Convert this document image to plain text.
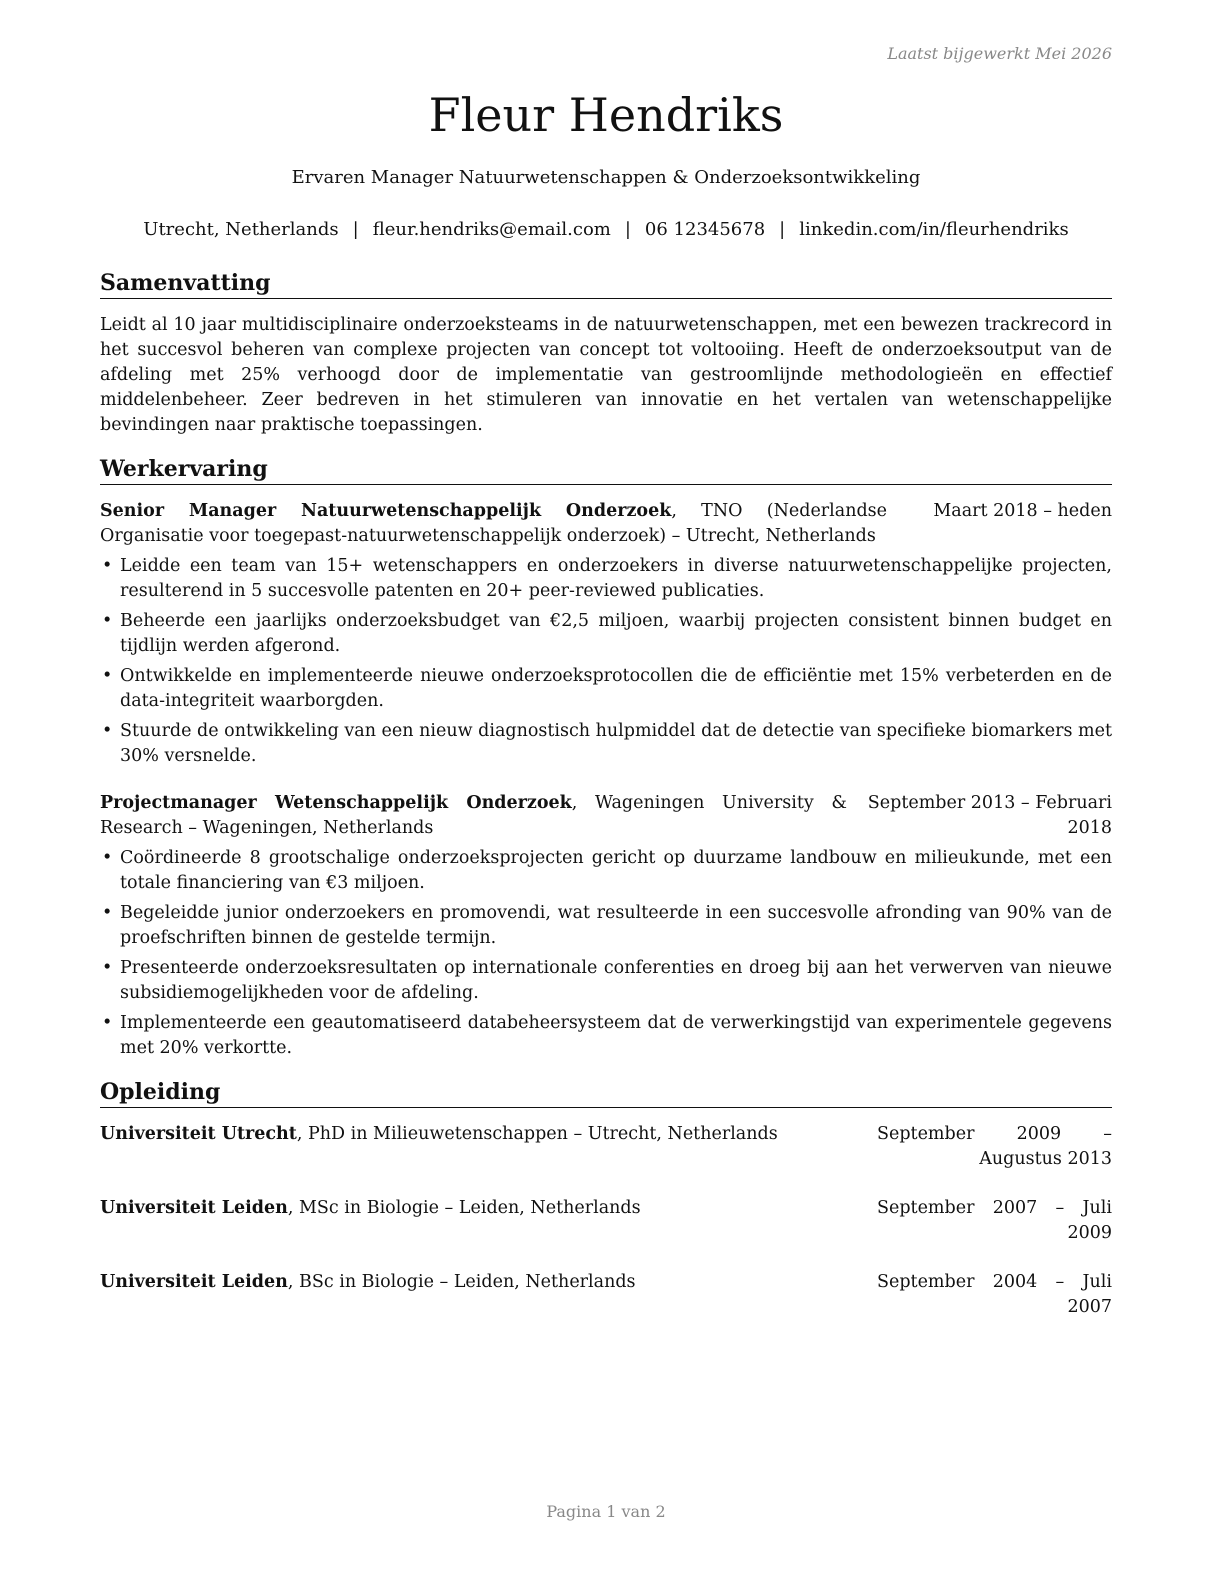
Laatst bijgewerkt Mei 2026
Fleur Hendriks
Ervaren Manager Natuurwetenschappen & Onderzoeksontwikkeling
Utrecht, Netherlands | fleur.hendriks@email.com | 06 12345678 | linkedin.com/in/fleurhendriks
Samenvatting

Leidt al 10 jaar multidisciplinaire onderzoeksteams in de natuurwetenschappen, met een bewezen trackrecord in het succesvol beheren van complexe projecten van concept tot voltooiing. Heeft de onderzoeksoutput van de afdeling met 25% verhoogd door de implementatie van gestroomlijnde methodologieën en effectief middelenbeheer. Zeer bedreven in het stimuleren van innovatie en het vertalen van wetenschappelijke bevindingen naar praktische toepassingen.

Werkervaring
Senior Manager Natuurwetenschappelijk Onderzoek, TNO (Nederlandse Organisatie voor toegepast-natuurwetenschappelijk onderzoek) – Utrecht, Netherlands
Maart 2018 – heden
• Leidde een team van 15+ wetenschappers en onderzoekers in diverse natuurwetenschappelijke projecten, resulterend in 5 succesvolle patenten en 20+ peer-reviewed publicaties.
• Beheerde een jaarlijks onderzoeksbudget van €2,5 miljoen, waarbij projecten consistent binnen budget en tijdlijn werden afgerond.
• Ontwikkelde en implementeerde nieuwe onderzoeksprotocollen die de efficiëntie met 15% verbeterden en de data-integriteit waarborgden.
• Stuurde de ontwikkeling van een nieuw diagnostisch hulpmiddel dat de detectie van specifieke biomarkers met 30% versnelde.
Projectmanager Wetenschappelijk Onderzoek, Wageningen University & Research – Wageningen, Netherlands
September 2013 – Februari 2018
• Coördineerde 8 grootschalige onderzoeksprojecten gericht op duurzame landbouw en milieukunde, met een totale financiering van €3 miljoen.
• Begeleidde junior onderzoekers en promovendi, wat resulteerde in een succesvolle afronding van 90% van de proefschriften binnen de gestelde termijn.
• Presenteerde onderzoeksresultaten op internationale conferenties en droeg bij aan het verwerven van nieuwe subsidiemogelijkheden voor de afdeling.
• Implementeerde een geautomatiseerd databeheersysteem dat de verwerkingstijd van experimentele gegevens met 20% verkortte.
Opleiding
Universiteit Utrecht, PhD in Milieuwetenschappen – Utrecht, Netherlands	September 2009 – Augustus 2013
Universiteit Leiden, MSc in Biologie – Leiden, Netherlands	September 2007 – Juli 2009
Universiteit Leiden, BSc in Biologie – Leiden, Netherlands	September 2004 – Juli 2007
Pagina 1 van 2
